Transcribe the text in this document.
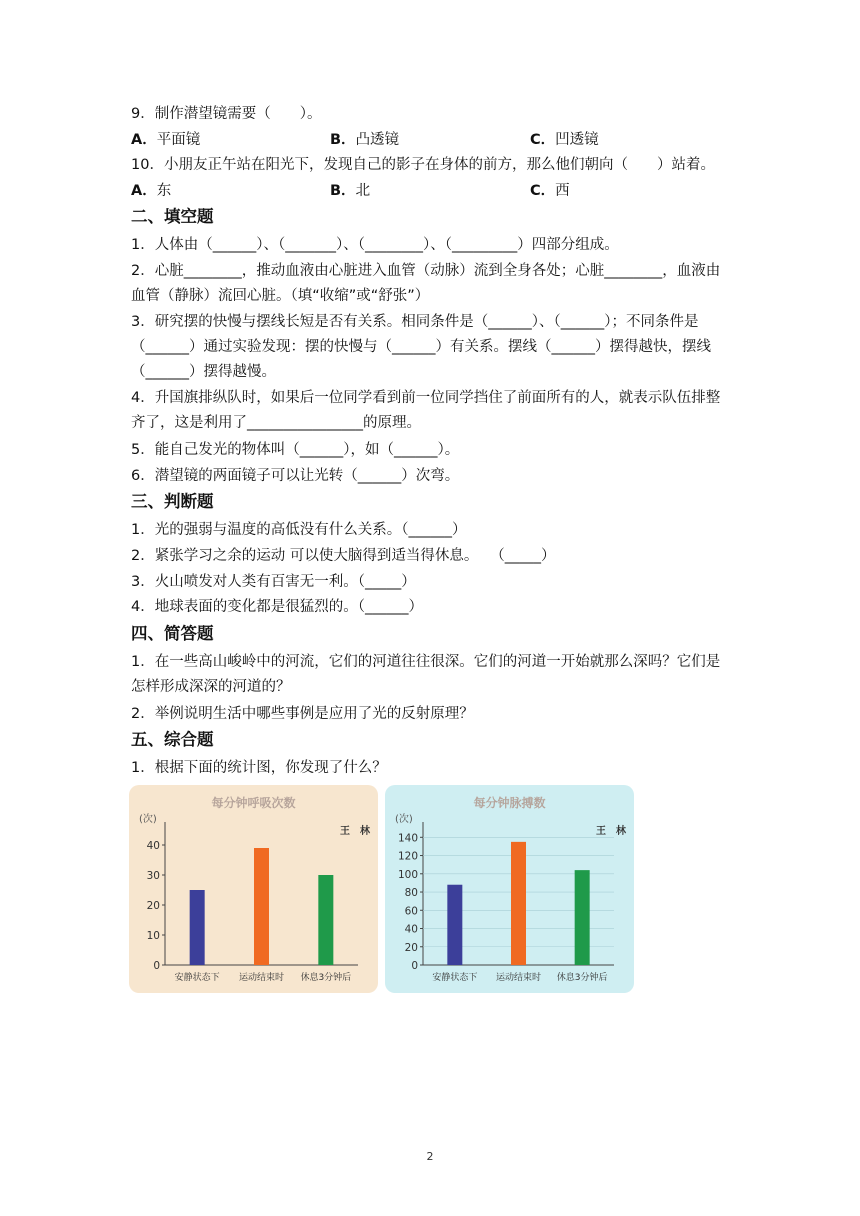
9．制作潜望镜需要（　　）。
A．平面镜	B．凸透镜	C．凹透镜
10．小朋友正午站在阳光下，发现自己的影子在身体的前方，那么他们朝向（　　）站着。
A．东	B．北	C．西
二、填空题
1．人体由（______）、（_______）、（________）、（_________）四部分组成。
2．心脏________，推动血液由心脏进入血管（动脉）流到全身各处；心脏________，血液由血管（静脉）流回心脏。（填“收缩”或“舒张”）
3．研究摆的快慢与摆线长短是否有关系。相同条件是（______）、（______）；不同条件是（______）通过实验发现：摆的快慢与（______）有关系。摆线（______）摆得越快，摆线（______）摆得越慢。
4．升国旗排纵队时，如果后一位同学看到前一位同学挡住了前面所有的人，就表示队伍排整齐了，这是利用了________________的原理。
5．能自己发光的物体叫（______），如（______）。
6．潜望镜的两面镜子可以让光转（______）次弯。
三、判断题
1．光的强弱与温度的高低没有什么关系。（______）
2．紧张学习之余的运动 可以使大脑得到适当得休息。　 （_____）
3．火山喷发对人类有百害无一利。（_____）
4．地球表面的变化都是很猛烈的。（______）
四、简答题
1．在一些高山峻岭中的河流，它们的河道往往很深。它们的河道一开始就那么深吗？它们是怎样形成深深的河道的？
2．举例说明生活中哪些事例是应用了光的反射原理？
五、综合题
1．根据下面的统计图，你发现了什么？
每分钟呼吸次数
(次)
王　林
0
10
20
30
40
安静状态下 运动结束时 休息3分钟后
每分钟脉搏数
(次)
王　林
0
20
40
60
80
100
120
140
安静状态下 运动结束时 休息3分钟后
2
